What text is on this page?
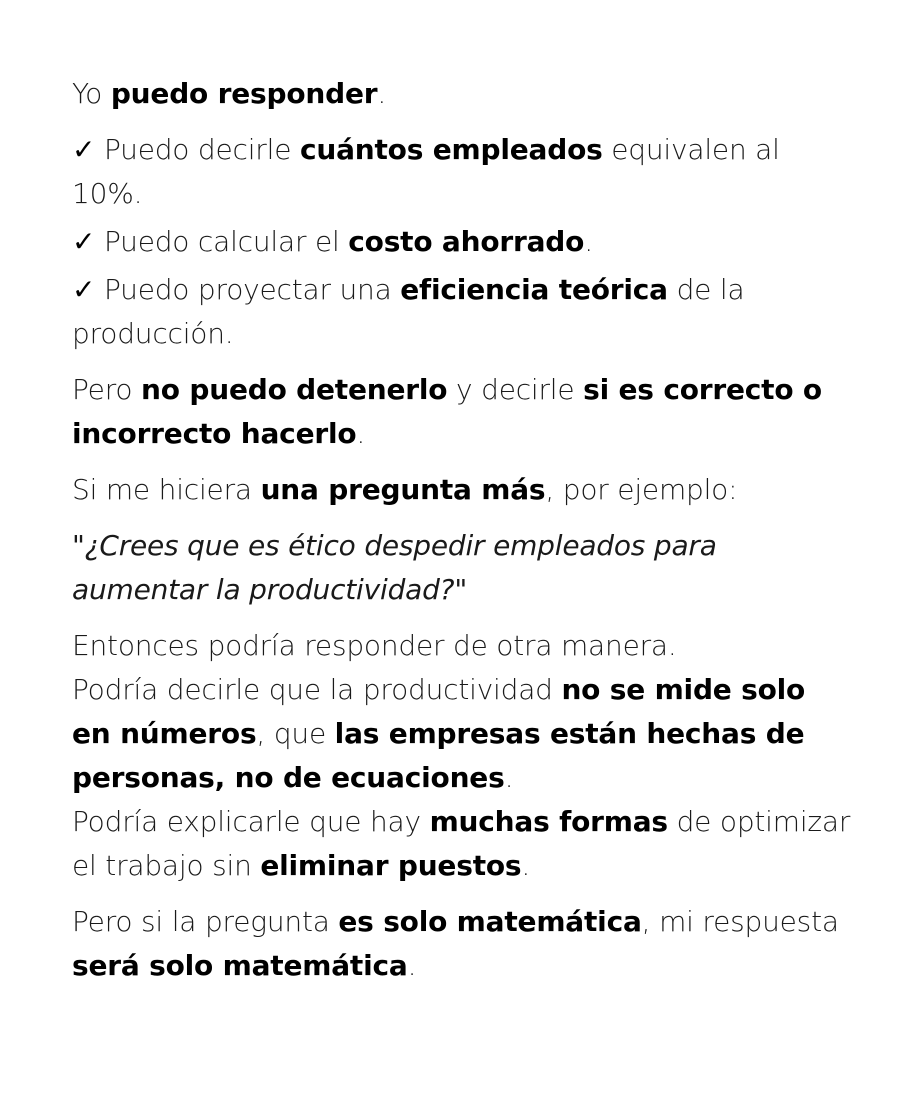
Yo puedo responder.

✓ Puedo decirle cuántos empleados equivalen al 10%.

✓ Puedo calcular el costo ahorrado.

✓ Puedo proyectar una eficiencia teórica de la producción.

Pero no puedo detenerlo y decirle si es correcto o incorrecto hacerlo.

Si me hiciera una pregunta más, por ejemplo:

"¿Crees que es ético despedir empleados para aumentar la productividad?"

Entonces podría responder de otra manera.
Podría decirle que la productividad no se mide solo en números, que las empresas están hechas de personas, no de ecuaciones.
Podría explicarle que hay muchas formas de optimizar el trabajo sin eliminar puestos.

Pero si la pregunta es solo matemática, mi respuesta será solo matemática.
